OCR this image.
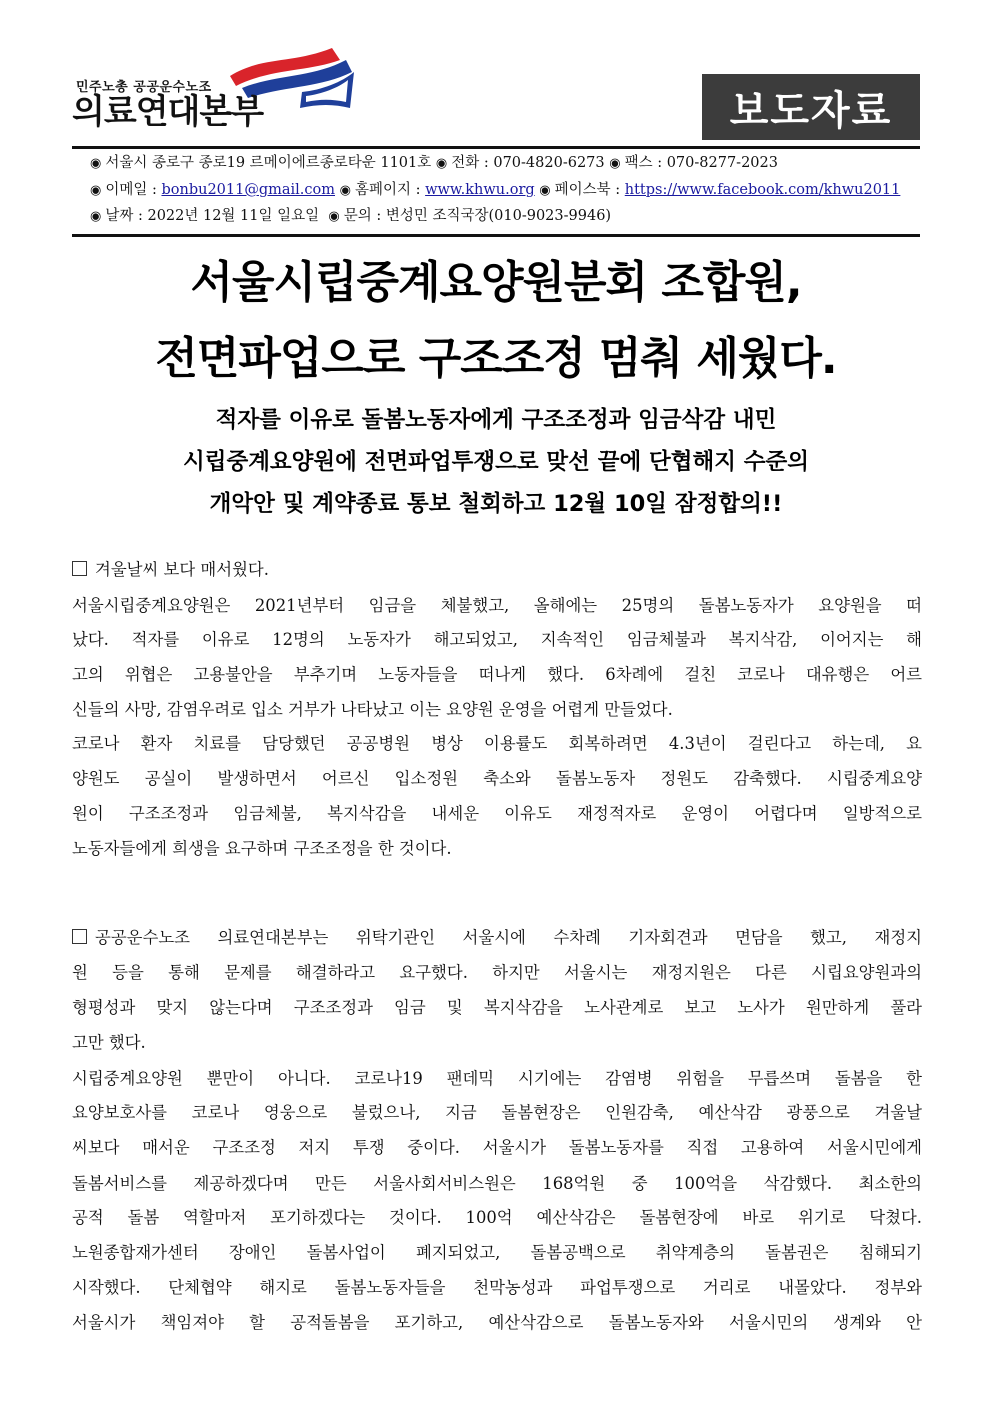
민주노총 공공운수노조
의료연대본부	보도자료
◉ 서울시 종로구 종로19 르메이에르종로타운 1101호 ◉ 전화 : 070-4820-6273 ◉ 팩스 : 070-8277-2023
◉ 이메일 : bonbu2011@gmail.com ◉ 홈페이지 : www.khwu.org ◉ 페이스북 : https://www.facebook.com/khwu2011
◉ 날짜 : 2022년 12월 11일 일요일 ◉ 문의 : 변성민 조직국장(010-9023-9946)
서울시립중계요양원분회 조합원,
전면파업으로 구조조정 멈춰 세웠다.
적자를 이유로 돌봄노동자에게 구조조정과 임금삭감 내민
시립중계요양원에 전면파업투쟁으로 맞선 끝에 단협해지 수준의
개악안 및 계약종료 통보 철회하고 12월 10일 잠정합의!!
겨울날씨 보다 매서웠다.
서울시립중계요양원은 2021년부터 임금을 체불했고, 올해에는 25명의 돌봄노동자가 요양원을 떠
났다. 적자를 이유로 12명의 노동자가 해고되었고, 지속적인 임금체불과 복지삭감, 이어지는 해
고의 위협은 고용불안을 부추기며 노동자들을 떠나게 했다. 6차례에 걸친 코로나 대유행은 어르
신들의 사망, 감염우려로 입소 거부가 나타났고 이는 요양원 운영을 어렵게 만들었다.
코로나 환자 치료를 담당했던 공공병원 병상 이용률도 회복하려면 4.3년이 걸린다고 하는데, 요
양원도 공실이 발생하면서 어르신 입소정원 축소와 돌봄노동자 정원도 감축했다. 시립중계요양
원이 구조조정과 임금체불, 복지삭감을 내세운 이유도 재정적자로 운영이 어렵다며 일방적으로
노동자들에게 희생을 요구하며 구조조정을 한 것이다.
공공운수노조 의료연대본부는 위탁기관인 서울시에 수차례 기자회견과 면담을 했고, 재정지
원 등을 통해 문제를 해결하라고 요구했다. 하지만 서울시는 재정지원은 다른 시립요양원과의
형평성과 맞지 않는다며 구조조정과 임금 및 복지삭감을 노사관계로 보고 노사가 원만하게 풀라
고만 했다.
시립중계요양원 뿐만이 아니다. 코로나19 팬데믹 시기에는 감염병 위험을 무릅쓰며 돌봄을 한
요양보호사를 코로나 영웅으로 불렀으나, 지금 돌봄현장은 인원감축, 예산삭감 광풍으로 겨울날
씨보다 매서운 구조조정 저지 투쟁 중이다. 서울시가 돌봄노동자를 직접 고용하여 서울시민에게
돌봄서비스를 제공하겠다며 만든 서울사회서비스원은 168억원 중 100억을 삭감했다. 최소한의
공적 돌봄 역할마저 포기하겠다는 것이다. 100억 예산삭감은 돌봄현장에 바로 위기로 닥쳤다.
노원종합재가센터 장애인 돌봄사업이 폐지되었고, 돌봄공백으로 취약계층의 돌봄권은 침해되기
시작했다. 단체협약 해지로 돌봄노동자들을 천막농성과 파업투쟁으로 거리로 내몰았다. 정부와
서울시가 책임져야 할 공적돌봄을 포기하고, 예산삭감으로 돌봄노동자와 서울시민의 생계와 안
